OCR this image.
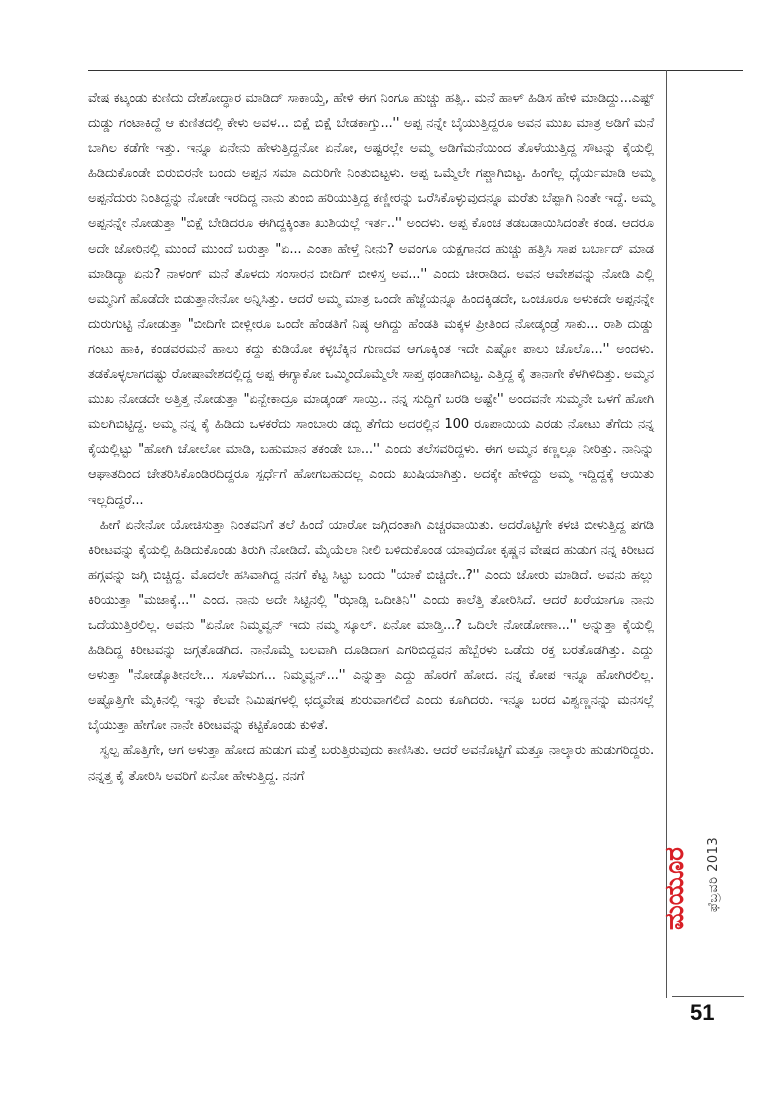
ವೇಷ ಕಟ್ಕಂಡು ಕುಣಿದು ದೇಶೋದ್ಧಾರ ಮಾಡಿದ್ ಸಾಕಾಯ್ತೆ, ಹೇಳಿ ಈಗ ನಿಂಗೂ ಹುಚ್ಚು ಹತ್ಸಿ.. ಮನೆ ಹಾಳ್ ಹಿಡಿಸ ಹೇಳಿ ಮಾಡಿದ್ದು...ಎಷ್ಟ್ ದುಡ್ಡು ಗಂಟಾಕಿದ್ದೆ ಆ ಕುಣಿತದಲ್ಲಿ ಕೇಳು ಅವಳ... ಬಿಕ್ಷೆ ಬಿಕ್ಷೆ ಬೇಡಕಾಗ್ತು...'' ಅಪ್ಪ ನನ್ನೇ ಬೈಯುತ್ತಿದ್ದರೂ ಅವನ ಮುಖ ಮಾತ್ರ ಅಡಿಗೆ ಮನೆ ಬಾಗಿಲ ಕಡೆಗೇ ಇತ್ತು. ಇನ್ನೂ ಏನೇನು ಹೇಳುತ್ತಿದ್ದನೋ ಏನೋ, ಅಷ್ಟರಲ್ಲೇ ಅಮ್ಮ ಅಡಿಗೆಮನೆಯಿಂದ ತೊಳೆಯುತ್ತಿದ್ದ ಸೌಟನ್ನು ಕೈಯಲ್ಲಿ ಹಿಡಿದುಕೊಂಡೇ ಬಿರುಬಿರನೇ ಬಂದು ಅಪ್ಪನ ಸಮಾ ಎದುರಿಗೇ ನಿಂತುಬಿಟ್ಟಳು. ಅಪ್ಪ ಒಮ್ಮೆಲೇ ಗಪ್ಚಾಗಿಬಿಟ್ಟ. ಹಿಂಗೆಲ್ಲ ಧೈರ್ಯಮಾಡಿ ಅಮ್ಮ ಅಪ್ಪನೆದುರು ನಿಂತಿದ್ದನ್ನು ನೋಡೇ ಇರದಿದ್ದ ನಾನು ತುಂಬಿ ಹರಿಯುತ್ತಿದ್ದ ಕಣ್ಣೀರನ್ನು ಒರೆಸಿಕೊಳ್ಳುವುದನ್ನೂ ಮರೆತು ಬೆಪ್ಪಾಗಿ ನಿಂತೇ ಇದ್ದೆ. ಅಮ್ಮ ಅಪ್ಪನನ್ನೇ ನೋಡುತ್ತಾ "ಬಿಕ್ಷೆ ಬೇಡಿದರೂ ಈಗಿದ್ದಕ್ಕಿಂತಾ ಖುಶಿಯಲ್ಲೆ ಇರ್ತ..'' ಅಂದಳು. ಅಪ್ಪ ಕೊಂಚ ತಡಬಡಾಯಿಸಿದಂತೇ ಕಂಡ. ಆದರೂ ಅದೇ ಜೋರಿನಲ್ಲಿ ಮುಂದೆ ಮುಂದೆ ಬರುತ್ತಾ "ಏ... ಎಂತಾ ಹೇಳ್ತೆ ನೀನು? ಅವಂಗೂ ಯಕ್ಷಗಾನದ ಹುಚ್ಚು ಹತ್ತಿಸಿ ಸಾಪ ಬರ್ಬಾದ್ ಮಾಡ ಮಾಡಿದ್ಯಾ ಏನು? ನಾಳಂಗ್ ಮನೆ ತೊಳದು ಸಂಸಾರನ ಬೀದಿಗ್ ಬೀಳಿಸ್ತ ಅವ...'' ಎಂದು ಚೀರಾಡಿದ. ಅವನ ಆವೇಶವನ್ನು ನೋಡಿ ಎಲ್ಲಿ ಅಮ್ಮನಿಗೆ ಹೊಡೆದೇ ಬಿಡುತ್ತಾನೇನೋ ಅನ್ನಿಸಿತ್ತು. ಆದರೆ ಅಮ್ಮ ಮಾತ್ರ ಒಂದೇ ಹೆಜ್ಜೆಯನ್ನೂ ಹಿಂದಕ್ಕಿಡದೇ, ಒಂಚೂರೂ ಅಳುಕದೇ ಅಪ್ಪನನ್ನೇ ದುರುಗುಟ್ಟಿ ನೋಡುತ್ತಾ "ಬೀದಿಗೇ ಬೀಳ್ಲೀರೂ ಒಂದೇ ಹೆಂಡತಿಗೆ ನಿಷ್ಠ ಆಗಿದ್ದು ಹೆಂಡತಿ ಮಕ್ಕಳ ಪ್ರೀತಿಂದ ನೋಡ್ಕಂಡ್ರೆ ಸಾಕು... ರಾಶಿ ದುಡ್ಡು ಗಂಟು ಹಾಕಿ, ಕಂಡವರಮನೆ ಹಾಲು ಕದ್ದು ಕುಡಿಯೋ ಕಳ್ಳಬೆಕ್ಕಿನ ಗುಣದವ ಆಗೂಕ್ಕಿಂತ ಇದೇ ಎಷ್ಟೋ ಪಾಲು ಚೊಲೊ...'' ಅಂದಳು. ತಡಕೊಳ್ಳಲಾಗದಷ್ಟು ರೋಷಾವೇಶದಲ್ಲಿದ್ದ ಅಪ್ಪ ಈಗ್ಯಾಕೋ ಒಮ್ಮಿಂದೊಮ್ಮೆಲೇ ಸಾಪ್ತ ಥಂಡಾಗಿಬಿಟ್ಟ. ಎತ್ತಿದ್ದ ಕೈ ತಾನಾಗೇ ಕೆಳಗಿಳಿದಿತ್ತು. ಅಮ್ಮನ ಮುಖ ನೋಡದೇ ಅತ್ತಿತ್ತ ನೋಡುತ್ತಾ "ಏನ್ಬೇಕಾದ್ರೂ ಮಾಡ್ಕಂಡ್ ಸಾಯ್ರಿ.. ನನ್ನ ಸುದ್ದಿಗೆ ಬರಡಿ ಅಷ್ಟೇ'' ಅಂದವನೇ ಸುಮ್ಮನೇ ಒಳಗೆ ಹೋಗಿ ಮಲಗಿಬಿಟ್ಟಿದ್ದ. ಅಮ್ಮ ನನ್ನ ಕೈ ಹಿಡಿದು ಒಳಕರೆದು ಸಾಂಬಾರು ಡಬ್ಬಿ ತೆಗೆದು ಅದರಲ್ಲಿನ 100 ರೂಪಾಯಿಯ ಎರಡು ನೋಟು ತೆಗೆದು ನನ್ನ ಕೈಯಲ್ಲಿಟ್ಟು "ಹೋಗಿ ಚೋಲೋ ಮಾಡಿ, ಬಹುಮಾನ ತಕಂಡೇ ಬಾ...'' ಎಂದು ತಲೆಸವರಿದ್ದಳು. ಈಗ ಅಮ್ಮನ ಕಣ್ಣಲ್ಲೂ ನೀರಿತ್ತು. ನಾನಿನ್ನು ಆಘಾತದಿಂದ ಚೇತರಿಸಿಕೊಂಡಿರದಿದ್ದರೂ ಸ್ಪರ್ಧೆಗೆ ಹೋಗಬಹುದಲ್ಲ ಎಂದು ಖುಷಿಯಾಗಿತ್ತು. ಅದಕ್ಕೇ ಹೇಳಿದ್ದು ಅಮ್ಮ ಇದ್ದಿದ್ದಕ್ಕೆ ಆಯಿತು ಇಲ್ಲದಿದ್ದರೆ...

ಹೀಗೆ ಏನೇನೋ ಯೋಚಿಸುತ್ತಾ ನಿಂತವನಿಗೆ ತಲೆ ಹಿಂದೆ ಯಾರೋ ಜಗ್ಗಿದಂತಾಗಿ ಎಚ್ಚರವಾಯಿತು. ಅದರೊಟ್ಟಿಗೇ ಕಳಚಿ ಬೀಳುತ್ತಿದ್ದ ಪಗಡಿ ಕಿರೀಟವನ್ನು ಕೈಯಲ್ಲಿ ಹಿಡಿದುಕೊಂಡು ತಿರುಗಿ ನೋಡಿದೆ. ಮೈಯೆಲಾ ನೀಲಿ ಬಳಿದುಕೊಂಡ ಯಾವುದೋ ಕೃಷ್ಣನ ವೇಷದ ಹುಡುಗ ನನ್ನ ಕಿರೀಟದ ಹಗ್ಗವನ್ನು ಜಗ್ಗಿ ಬಿಚ್ಚಿದ್ದ. ಮೊದಲೇ ಹಸಿವಾಗಿದ್ದ ನನಗೆ ಕೆಟ್ಟ ಸಿಟ್ಟು ಬಂದು "ಯಾಕೆ ಬಿಚ್ಚಿದೇ..?'' ಎಂದು ಜೋರು ಮಾಡಿದೆ. ಅವನು ಹಲ್ಲು ಕಿರಿಯುತ್ತಾ "ಮಜಾಕ್ಕೆ...'' ಎಂದ. ನಾನು ಅದೇ ಸಿಟ್ಟಿನಲ್ಲಿ "ಝಾಡ್ಸಿ ಒದೀತಿನಿ'' ಎಂದು ಕಾಲೆತ್ತಿ ತೋರಿಸಿದೆ. ಆದರೆ ಖರೆಯಾಗೂ ನಾನು ಒದೆಯುತ್ತಿರಲಿಲ್ಲ. ಅವನು "ಏನೋ ನಿಮ್ಮವ್ವನ್ ಇದು ನಮ್ಮ ಸ್ಕೂಲ್. ಏನೋ ಮಾಡ್ತಿ...? ಒದಿಲೇ ನೋಡೋಣಾ...'' ಅನ್ನುತ್ತಾ ಕೈಯಲ್ಲಿ ಹಿಡಿದಿದ್ದ ಕಿರೀಟವನ್ನು ಜಗ್ಗತೊಡಗಿದ. ನಾನೊಮ್ಮೆ ಬಲವಾಗಿ ದೂಡಿದಾಗ ಎಗರಿಬಿದ್ದವನ ಹೆಬ್ಬೆರಳು ಒಡೆದು ರಕ್ತ ಬರತೊಡಗಿತ್ತು. ಎದ್ದು ಅಳುತ್ತಾ "ನೋಡ್ಕೊತೀನಲೇ... ಸೂಳೆಮಗ... ನಿಮ್ಮವ್ವನ್...'' ಎನ್ನುತ್ತಾ ಎದ್ದು ಹೊರಗೆ ಹೋದ. ನನ್ನ ಕೋಪ ಇನ್ನೂ ಹೋಗಿರಲಿಲ್ಲ. ಅಷ್ಟೊತ್ತಿಗೇ ಮೈಕಿನಲ್ಲಿ ಇನ್ನು ಕೆಲವೇ ನಿಮಿಷಗಳಲ್ಲಿ ಛದ್ಮವೇಷ ಶುರುವಾಗಲಿದೆ ಎಂದು ಕೂಗಿದರು. ಇನ್ನೂ ಬರದ ವಿಶ್ವಣ್ಣನನ್ನು ಮನಸಲ್ಲೆ ಬೈಯುತ್ತಾ ಹೇಗೋ ನಾನೇ ಕಿರೀಟವನ್ನು ಕಟ್ಟಿಕೊಂಡು ಕುಳಿತೆ.

ಸ್ವಲ್ಪ ಹೊತ್ತಿಗೇ, ಆಗ ಅಳುತ್ತಾ ಹೋದ ಹುಡುಗ ಮತ್ತೆ ಬರುತ್ತಿರುವುದು ಕಾಣಿಸಿತು. ಆದರೆ ಅವನೊಟ್ಟಿಗೆ ಮತ್ತೂ ನಾಲ್ಕಾರು ಹುಡುಗರಿದ್ದರು. ನನ್ನತ್ತ ಕೈ ತೋರಿಸಿ ಅವರಿಗೆ ಏನೋ ಹೇಳುತ್ತಿದ್ದ. ನನಗೆ

ಮಯೂರ	ಫೆಬ್ರವರಿ 2013
51
